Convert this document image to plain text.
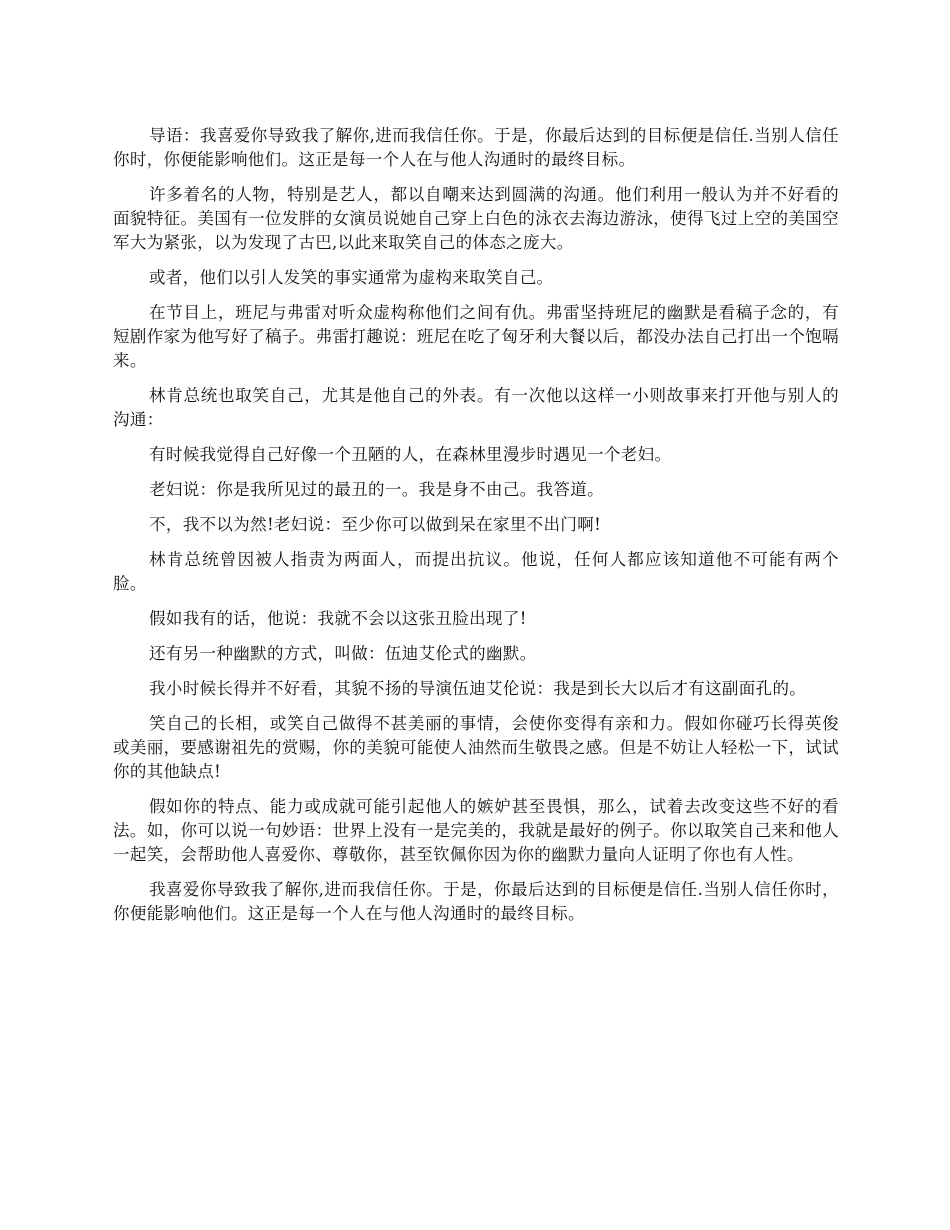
导语：我喜爱你导致我了解你,进而我信任你。于是，你最后达到的目标便是信任.当别人信任你时，你便能影响他们。这正是每一个人在与他人沟通时的最终目标。

许多着名的人物，特别是艺人，都以自嘲来达到圆满的沟通。他们利用一般认为并不好看的面貌特征。美国有一位发胖的女演员说她自己穿上白色的泳衣去海边游泳，使得飞过上空的美国空军大为紧张，以为发现了古巴,以此来取笑自己的体态之庞大。

或者，他们以引人发笑的事实通常为虚构来取笑自己。

在节目上，班尼与弗雷对听众虚构称他们之间有仇。弗雷坚持班尼的幽默是看稿子念的，有短剧作家为他写好了稿子。弗雷打趣说：班尼在吃了匈牙利大餐以后，都没办法自己打出一个饱嗝来。

林肯总统也取笑自己，尤其是他自己的外表。有一次他以这样一小则故事来打开他与别人的沟通：

有时候我觉得自己好像一个丑陋的人，在森林里漫步时遇见一个老妇。

老妇说：你是我所见过的最丑的一。我是身不由己。我答道。

不，我不以为然!老妇说：至少你可以做到呆在家里不出门啊!

林肯总统曾因被人指责为两面人，而提出抗议。他说，任何人都应该知道他不可能有两个脸。

假如我有的话，他说：我就不会以这张丑脸出现了!

还有另一种幽默的方式，叫做：伍迪艾伦式的幽默。

我小时候长得并不好看，其貌不扬的导演伍迪艾伦说：我是到长大以后才有这副面孔的。

笑自己的长相，或笑自己做得不甚美丽的事情，会使你变得有亲和力。假如你碰巧长得英俊或美丽，要感谢祖先的赏赐，你的美貌可能使人油然而生敬畏之感。但是不妨让人轻松一下，试试你的其他缺点!

假如你的特点、能力或成就可能引起他人的嫉妒甚至畏惧，那么，试着去改变这些不好的看法。如，你可以说一句妙语：世界上没有一是完美的，我就是最好的例子。你以取笑自己来和他人一起笑，会帮助他人喜爱你、尊敬你，甚至钦佩你因为你的幽默力量向人证明了你也有人性。

我喜爱你导致我了解你,进而我信任你。于是，你最后达到的目标便是信任.当别人信任你时，你便能影响他们。这正是每一个人在与他人沟通时的最终目标。
